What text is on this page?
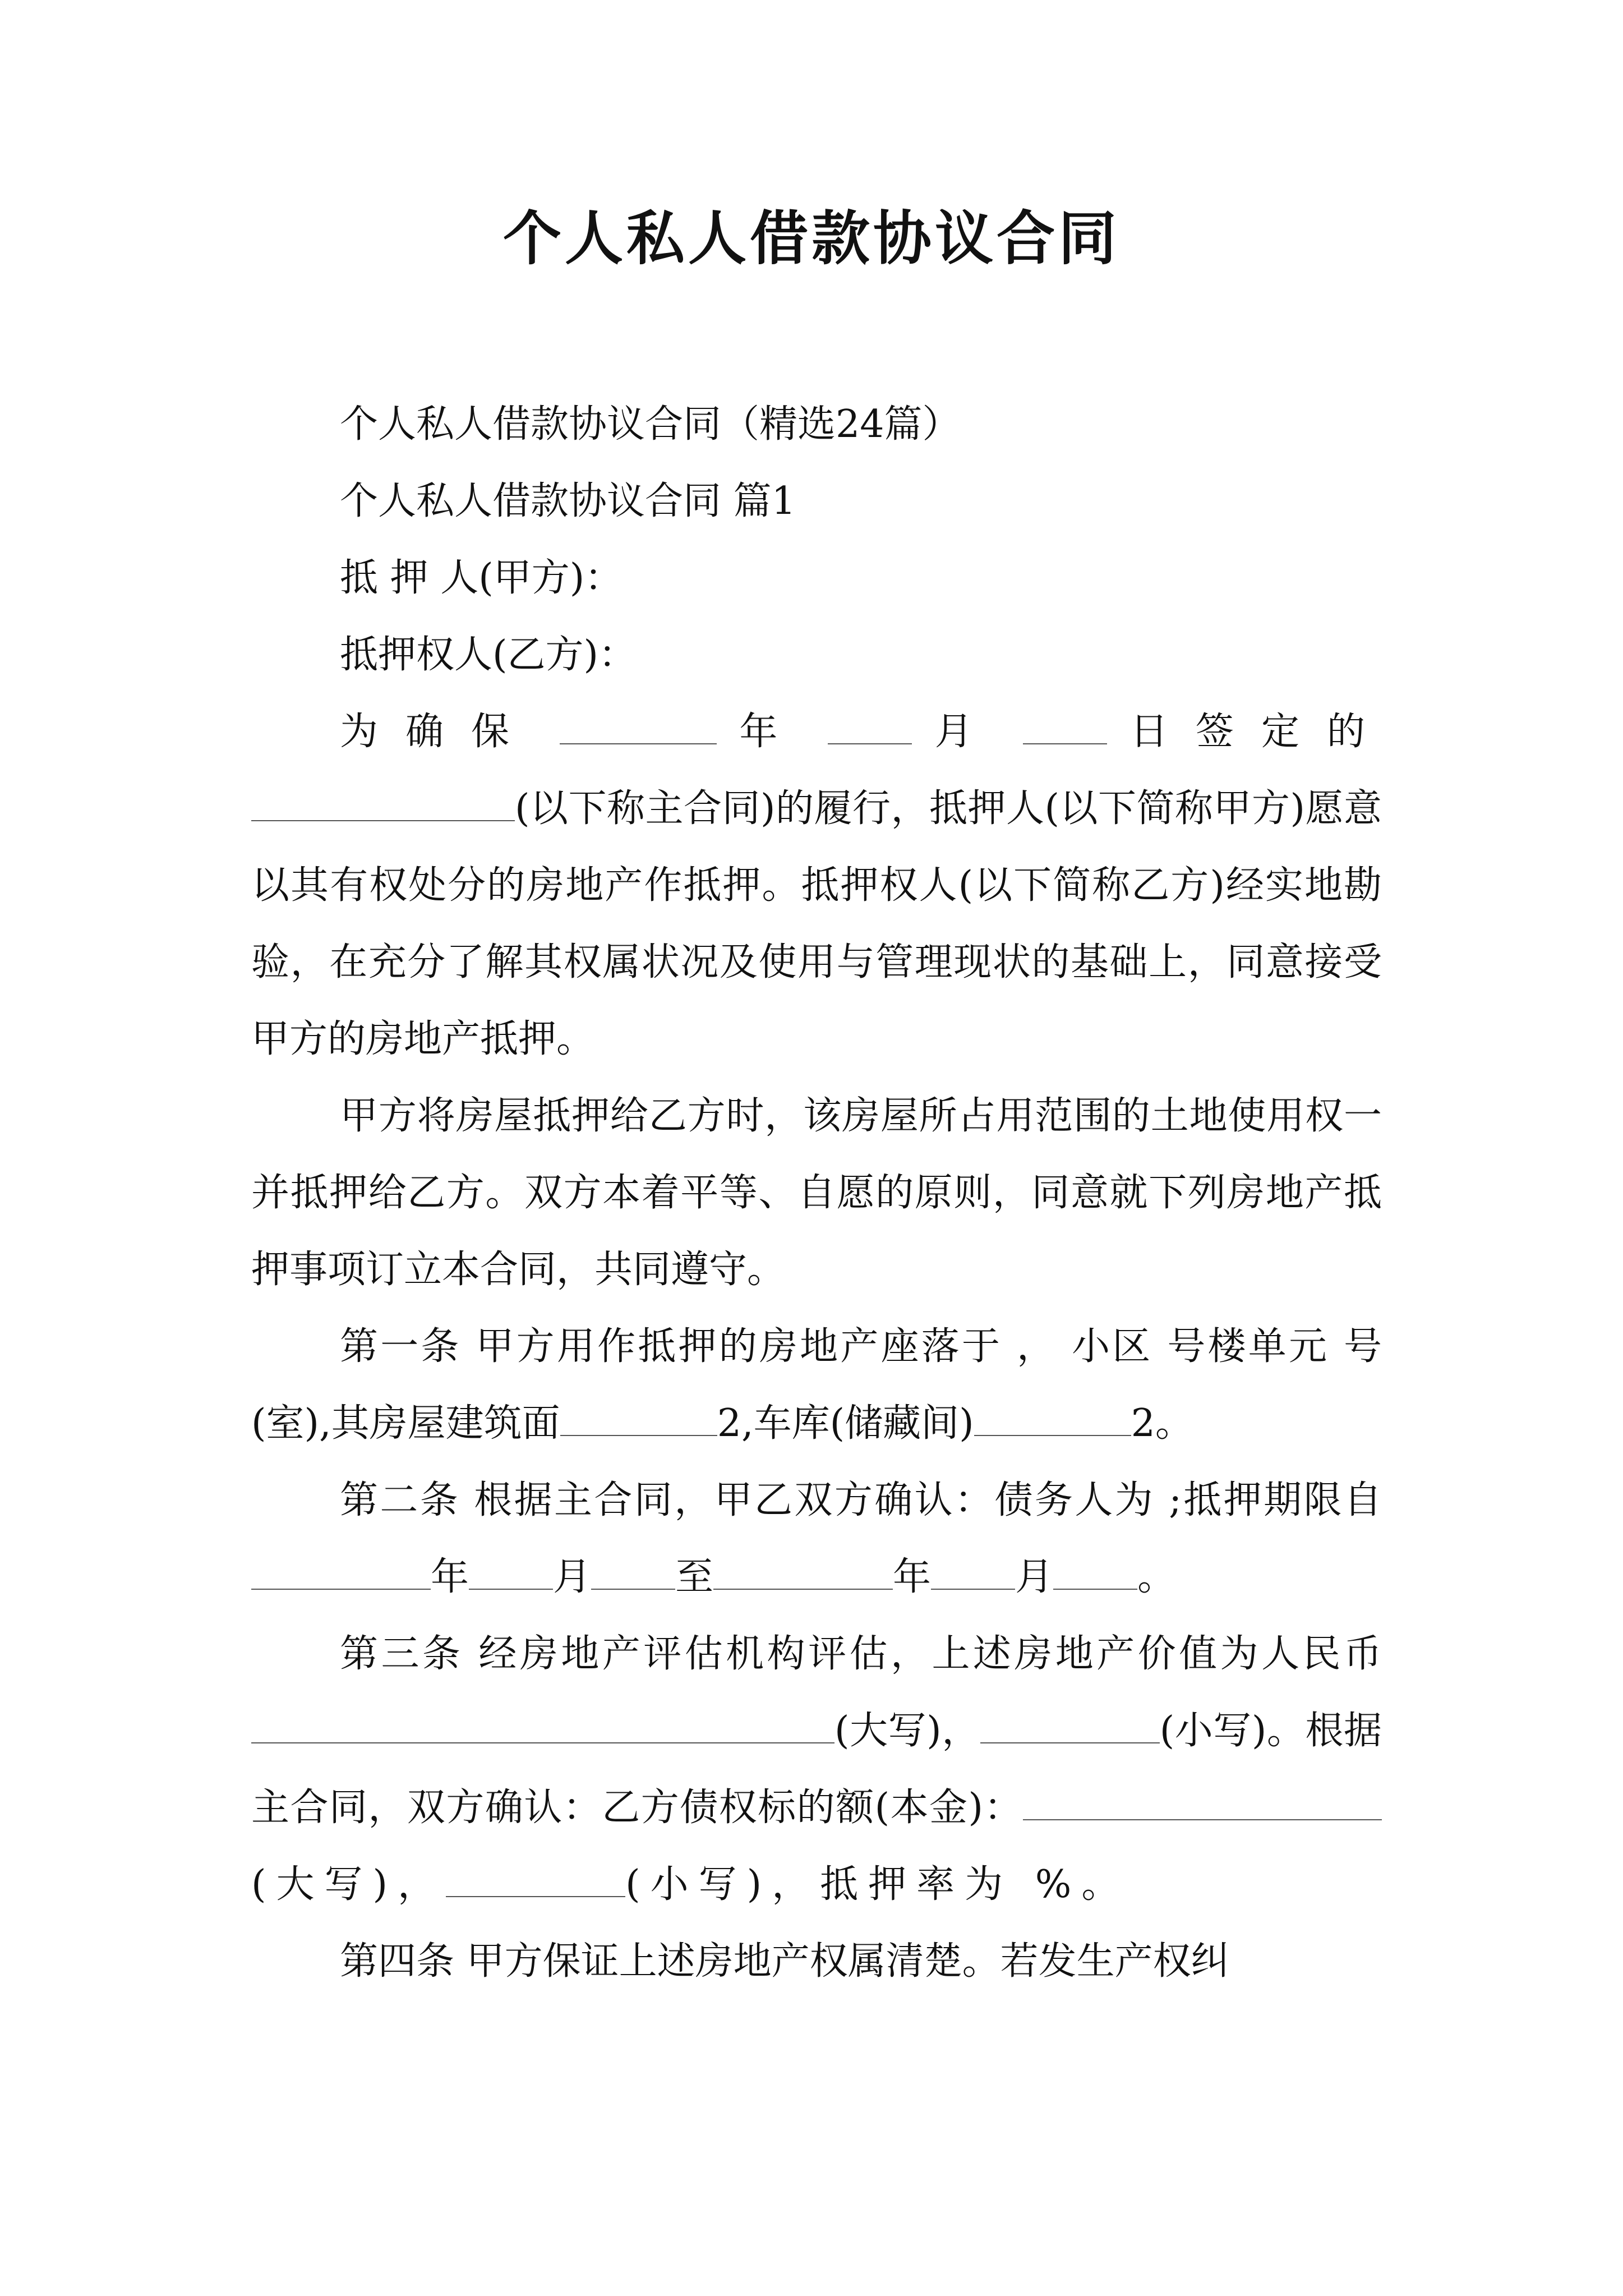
个人私人借款协议合同

个人私人借款协议合同（精选24篇）

个人私人借款协议合同 篇1

抵 押 人(甲方)：

抵押权人(乙方)：

为确保	年	月	日签定的(以下称主合同)的履行，抵押人(以下简称甲方)愿意以其有权处分的房地产作抵押。抵押权人(以下简称乙方)经实地勘验，在充分了解其权属状况及使用与管理现状的基础上，同意接受甲方的房地产抵押。

甲方将房屋抵押给乙方时，该房屋所占用范围的土地使用权一并抵押给乙方。双方本着平等、自愿的原则，同意就下列房地产抵押事项订立本合同，共同遵守。

第一条 甲方用作抵押的房地产座落于 ， 小区 号楼单元 号(室),其房屋建筑面	2,车库(储藏间)	2。

第二条 根据主合同，甲乙双方确认：债务人为 ;抵押期限自年 月 至	年 月 。

第三条 经房地产评估机构评估，上述房地产价值为人民币(大写)，	(小写)。根据主合同，双方确认：乙方债权标的额(本金)：(大写)，	(小写)，抵押率为 %。

第四条 甲方保证上述房地产权属清楚。若发生产权纠
